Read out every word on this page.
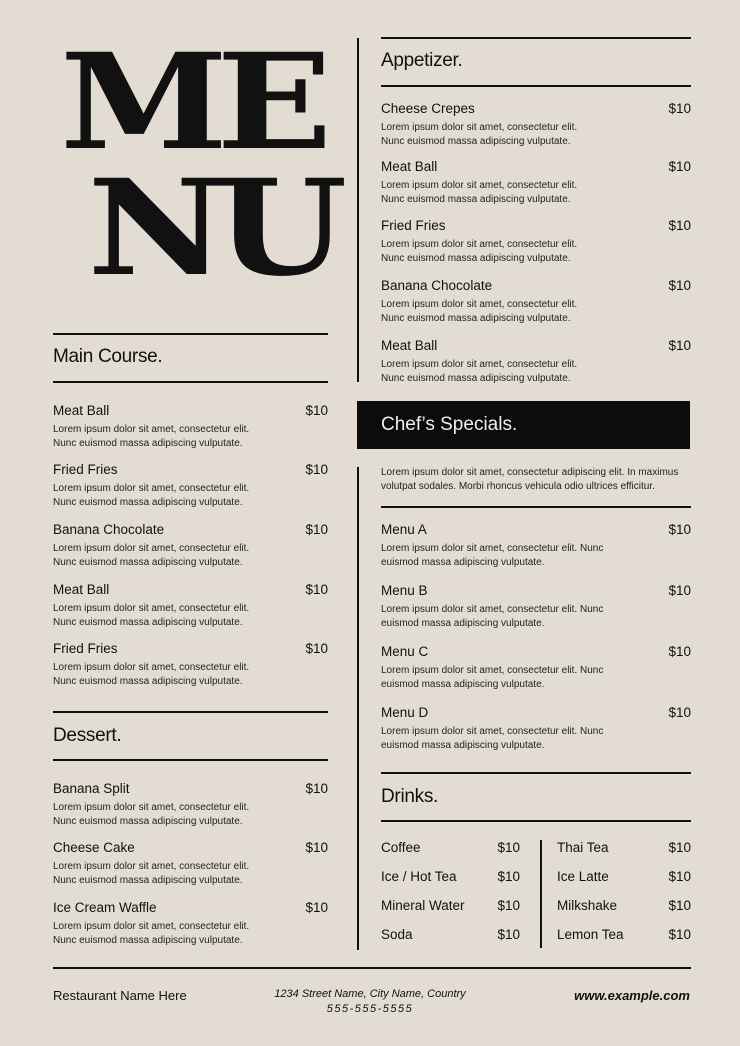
ME
NU
Main Course.
Meat Ball	$10
Lorem ipsum dolor sit amet, consectetur elit.
Nunc euismod massa adipiscing vulputate.
Fried Fries	$10
Lorem ipsum dolor sit amet, consectetur elit.
Nunc euismod massa adipiscing vulputate.
Banana Chocolate	$10
Lorem ipsum dolor sit amet, consectetur elit.
Nunc euismod massa adipiscing vulputate.
Meat Ball	$10
Lorem ipsum dolor sit amet, consectetur elit.
Nunc euismod massa adipiscing vulputate.
Fried Fries	$10
Lorem ipsum dolor sit amet, consectetur elit.
Nunc euismod massa adipiscing vulputate.
Dessert.
Banana Split	$10
Lorem ipsum dolor sit amet, consectetur elit.
Nunc euismod massa adipiscing vulputate.
Cheese Cake	$10
Lorem ipsum dolor sit amet, consectetur elit.
Nunc euismod massa adipiscing vulputate.
Ice Cream Waffle	$10
Lorem ipsum dolor sit amet, consectetur elit.
Nunc euismod massa adipiscing vulputate.
Appetizer.
Cheese Crepes	$10
Lorem ipsum dolor sit amet, consectetur elit.
Nunc euismod massa adipiscing vulputate.
Meat Ball	$10
Lorem ipsum dolor sit amet, consectetur elit.
Nunc euismod massa adipiscing vulputate.
Fried Fries	$10
Lorem ipsum dolor sit amet, consectetur elit.
Nunc euismod massa adipiscing vulputate.
Banana Chocolate	$10
Lorem ipsum dolor sit amet, consectetur elit.
Nunc euismod massa adipiscing vulputate.
Meat Ball	$10
Lorem ipsum dolor sit amet, consectetur elit.
Nunc euismod massa adipiscing vulputate.
Chef’s Specials.
Lorem ipsum dolor sit amet, consectetur adipiscing elit. In maximus
volutpat sodales. Morbi rhoncus vehicula odio ultrices efficitur.
Menu A	$10
Lorem ipsum dolor sit amet, consectetur elit. Nunc
euismod massa adipiscing vulputate.
Menu B	$10
Lorem ipsum dolor sit amet, consectetur elit. Nunc
euismod massa adipiscing vulputate.
Menu C	$10
Lorem ipsum dolor sit amet, consectetur elit. Nunc
euismod massa adipiscing vulputate.
Menu D	$10
Lorem ipsum dolor sit amet, consectetur elit. Nunc
euismod massa adipiscing vulputate.
Drinks.
Coffee	$10
Ice / Hot Tea	$10
Mineral Water $10
Soda	$10
Thai Tea	$10
Ice Latte	$10
Milkshake	$10
Lemon Tea	$10
Restaurant Name Here	1234 Street Name, City Name, Country
555-555-5555
www.example.com
